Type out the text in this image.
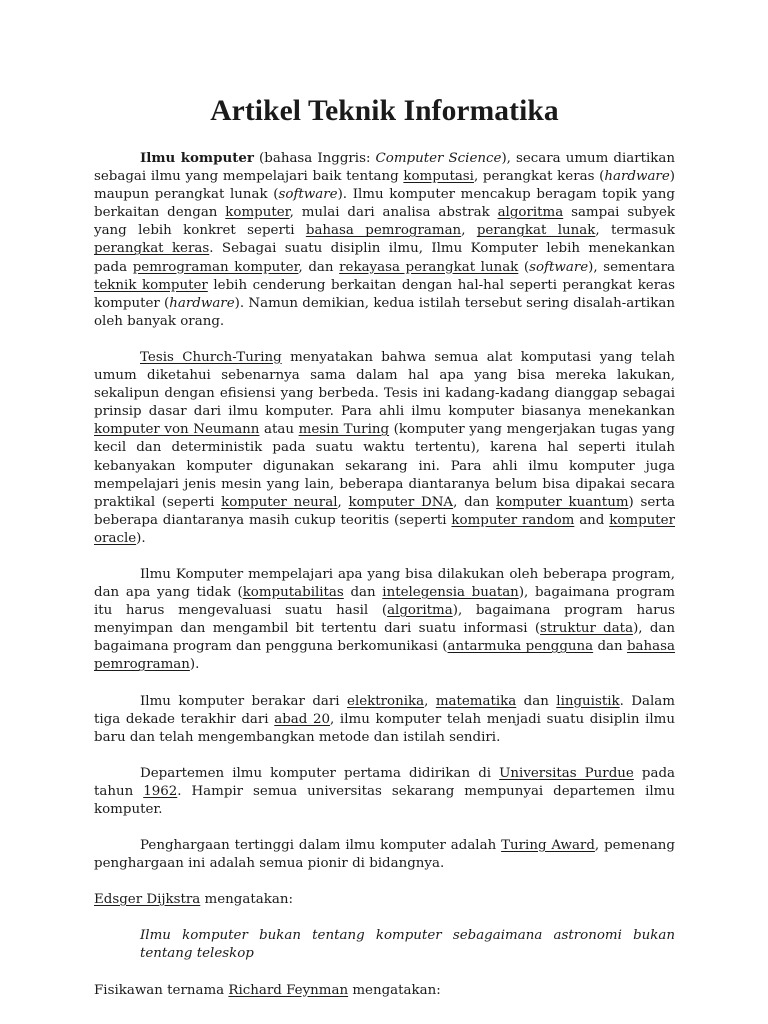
Artikel Teknik Informatika

Ilmu komputer (bahasa Inggris: Computer Science), secara umum diartikan sebagai ilmu yang mempelajari baik tentang komputasi, perangkat keras (hardware) maupun perangkat lunak (software). Ilmu komputer mencakup beragam topik yang berkaitan dengan komputer, mulai dari analisa abstrak algoritma sampai subyek yang lebih konkret seperti bahasa pemrograman, perangkat lunak, termasuk perangkat keras. Sebagai suatu disiplin ilmu, Ilmu Komputer lebih menekankan pada pemrograman komputer, dan rekayasa perangkat lunak (software), sementara teknik komputer lebih cenderung berkaitan dengan hal-hal seperti perangkat keras komputer (hardware). Namun demikian, kedua istilah tersebut sering disalah-artikan oleh banyak orang.

Tesis Church-Turing menyatakan bahwa semua alat komputasi yang telah umum diketahui sebenarnya sama dalam hal apa yang bisa mereka lakukan, sekalipun dengan efisiensi yang berbeda. Tesis ini kadang-kadang dianggap sebagai prinsip dasar dari ilmu komputer. Para ahli ilmu komputer biasanya menekankan komputer von Neumann atau mesin Turing (komputer yang mengerjakan tugas yang kecil dan deterministik pada suatu waktu tertentu), karena hal seperti itulah kebanyakan komputer digunakan sekarang ini. Para ahli ilmu komputer juga mempelajari jenis mesin yang lain, beberapa diantaranya belum bisa dipakai secara praktikal (seperti komputer neural, komputer DNA, dan komputer kuantum) serta beberapa diantaranya masih cukup teoritis (seperti komputer random and komputer oracle).

Ilmu Komputer mempelajari apa yang bisa dilakukan oleh beberapa program, dan apa yang tidak (komputabilitas dan intelegensia buatan), bagaimana program itu harus mengevaluasi suatu hasil (algoritma), bagaimana program harus menyimpan dan mengambil bit tertentu dari suatu informasi (struktur data), dan bagaimana program dan pengguna berkomunikasi (antarmuka pengguna dan bahasa pemrograman).

Ilmu komputer berakar dari elektronika, matematika dan linguistik. Dalam tiga dekade terakhir dari abad 20, ilmu komputer telah menjadi suatu disiplin ilmu baru dan telah mengembangkan metode dan istilah sendiri.

Departemen ilmu komputer pertama didirikan di Universitas Purdue pada tahun 1962. Hampir semua universitas sekarang mempunyai departemen ilmu komputer.

Penghargaan tertinggi dalam ilmu komputer adalah Turing Award, pemenang penghargaan ini adalah semua pionir di bidangnya.

Edsger Dijkstra mengatakan:

Ilmu komputer bukan tentang komputer sebagaimana astronomi bukan tentang teleskop

Fisikawan ternama Richard Feynman mengatakan:
